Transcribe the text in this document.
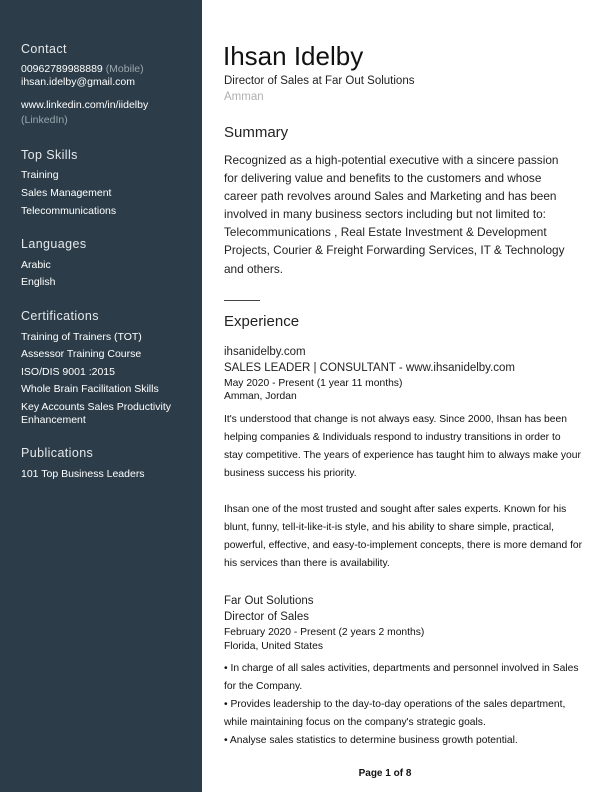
Contact
00962789988889 (Mobile)
ihsan.idelby@gmail.com
www.linkedin.com/in/iidelby
(LinkedIn)
Top Skills
Training
Sales Management
Telecommunications
Languages
Arabic
English
Certifications
Training of Trainers (TOT)
Assessor Training Course
ISO/DIS 9001 :2015
Whole Brain Facilitation Skills
Key Accounts Sales Productivity
Enhancement
Publications
101 Top Business Leaders
Ihsan Idelby
Director of Sales at Far Out Solutions
Amman
Summary
Recognized as a high-potential executive with a sincere passion
for delivering value and benefits to the customers and whose
career path revolves around Sales and Marketing and has been
involved in many business sectors including but not limited to:
Telecommunications , Real Estate Investment & Development
Projects, Courier & Freight Forwarding Services, IT & Technology
and others.
Experience
ihsanidelby.com
SALES LEADER | CONSULTANT - www.ihsanidelby.com
May 2020 - Present (1 year 11 months)
Amman, Jordan
It's understood that change is not always easy. Since 2000, Ihsan has been
helping companies & Individuals respond to industry transitions in order to
stay competitive. The years of experience has taught him to always make your
business success his priority.
Ihsan one of the most trusted and sought after sales experts. Known for his
blunt, funny, tell-it-like-it-is style, and his ability to share simple, practical,
powerful, effective, and easy-to-implement concepts, there is more demand for
his services than there is availability.
Far Out Solutions
Director of Sales
February 2020 - Present (2 years 2 months)
Florida, United States
• In charge of all sales activities, departments and personnel involved in Sales
for the Company.
• Provides leadership to the day-to-day operations of the sales department,
while maintaining focus on the company's strategic goals.
• Analyse sales statistics to determine business growth potential.
Page 1 of 8
